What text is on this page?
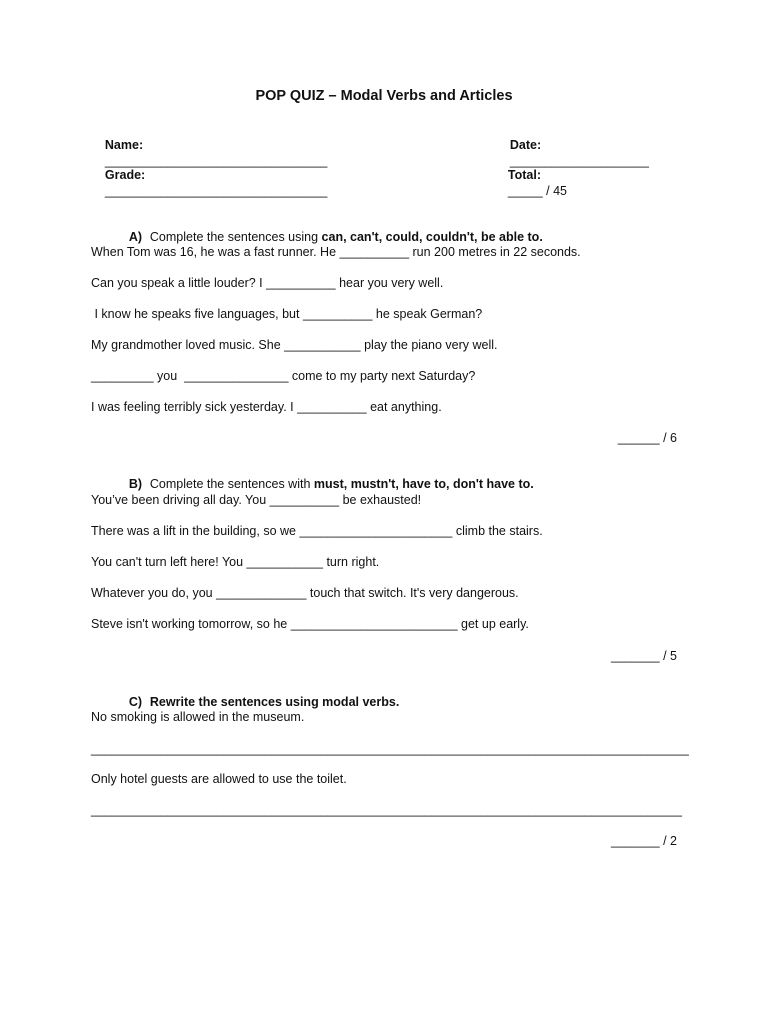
POP QUIZ – Modal Verbs and Articles

Name:
________________________________

Date:
____________________

Grade:
________________________________

Total:
_____ / 45

A) Complete the sentences using can, can't, could, couldn't, be able to.

When Tom was 16, he was a fast runner. He __________ run 200 metres in 22 seconds.
Can you speak a little louder? I __________ hear you very well.
I know he speaks five languages, but __________ he speak German?
My grandmother loved music. She ___________ play the piano very well.
_________ you  _______________ come to my party next Saturday?
I was feeling terribly sick yesterday. I __________ eat anything.
______ / 6

B) Complete the sentences with must, mustn't, have to, don't have to.

You’ve been driving all day. You __________ be exhausted!
There was a lift in the building, so we ______________________ climb the stairs.
You can't turn left here! You ___________ turn right.
Whatever you do, you _____________ touch that switch. It's very dangerous.
Steve isn't working tomorrow, so he ________________________ get up early.
_______ / 5

C) Rewrite the sentences using modal verbs.

No smoking is allowed in the museum.
______________________________________________________________________________________
Only hotel guests are allowed to use the toilet.
_____________________________________________________________________________________
_______ / 2
